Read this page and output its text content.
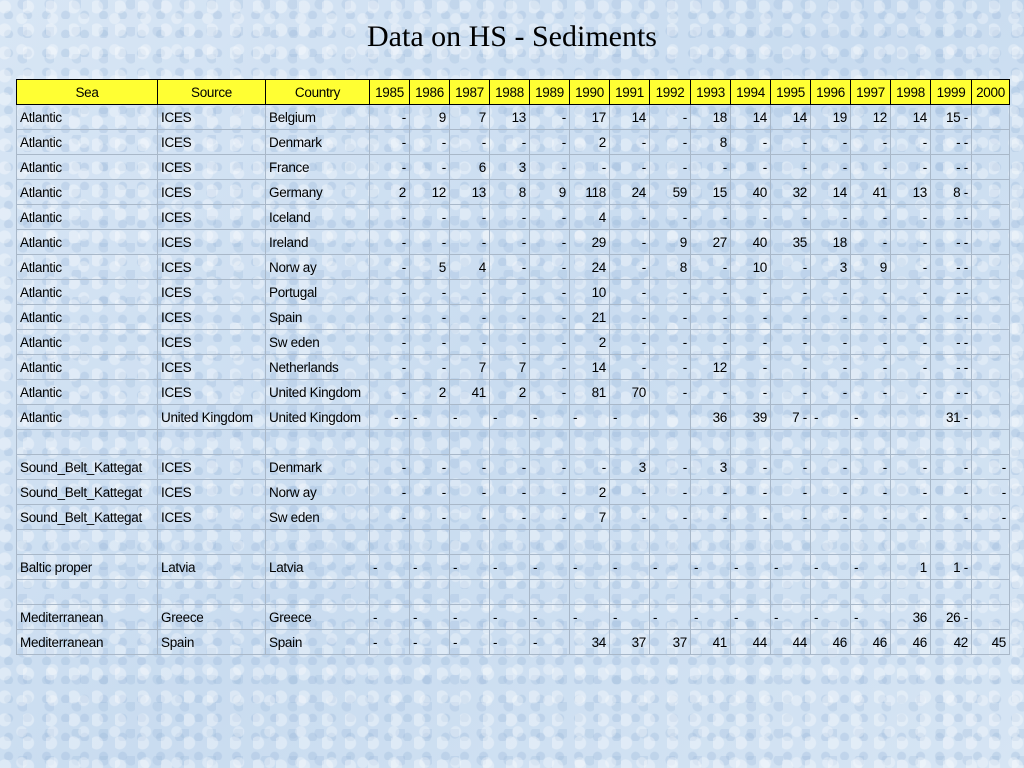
Data on HS - Sediments
Sea	Source	Country	1985	1986	1987	1988	1989	1990	1991	1992	1993	1994	1995	1996	1997	1998	1999	2000
Atlantic	ICES	Belgium	-	9	7	13	-	17	14	-	18	14	14	19	12	14	15 -	
Atlantic	ICES	Denmark	-	-	-	-	-	2	-	-	8	-	-	-	-	-	- -	
Atlantic	ICES	France	-	-	6	3	-	-	-	-	-	-	-	-	-	-	- -	
Atlantic	ICES	Germany	2	12	13	8	9	118	24	59	15	40	32	14	41	13	8 -	
Atlantic	ICES	Iceland	-	-	-	-	-	4	-	-	-	-	-	-	-	-	- -	
Atlantic	ICES	Ireland	-	-	-	-	-	29	-	9	27	40	35	18	-	-	- -	
Atlantic	ICES	Norw ay	-	5	4	-	-	24	-	8	-	10	-	3	9	-	- -	
Atlantic	ICES	Portugal	-	-	-	-	-	10	-	-	-	-	-	-	-	-	- -	
Atlantic	ICES	Spain	-	-	-	-	-	21	-	-	-	-	-	-	-	-	- -	
Atlantic	ICES	Sw eden	-	-	-	-	-	2	-	-	-	-	-	-	-	-	- -	
Atlantic	ICES	Netherlands	-	-	7	7	-	14	-	-	12	-	-	-	-	-	- -	
Atlantic	ICES	United Kingdom	-	2	41	2	-	81	70	-	-	-	-	-	-	-	- -	
Atlantic	United Kingdom	United Kingdom	- -	-	-	-	-	-	-		36	39	7 -	-	-		31 -	

Sound_Belt_Kattegat	ICES	Denmark	-	-	-	-	-	-	3	-	3	-	-	-	-	-	-	-
Sound_Belt_Kattegat	ICES	Norw ay	-	-	-	-	-	2	-	-	-	-	-	-	-	-	-	-
Sound_Belt_Kattegat	ICES	Sw eden	-	-	-	-	-	7	-	-	-	-	-	-	-	-	-	-

Baltic proper	Latvia	Latvia	-	-	-	-	-	-	-	-	-	-	-	-	-	1	1 -	

Mediterranean	Greece	Greece	-	-	-	-	-	-	-	-	-	-	-	-	-	36	26 -	
Mediterranean	Spain	Spain	-	-	-	-	-	34	37	37	41	44	44	46	46	46	42	45
